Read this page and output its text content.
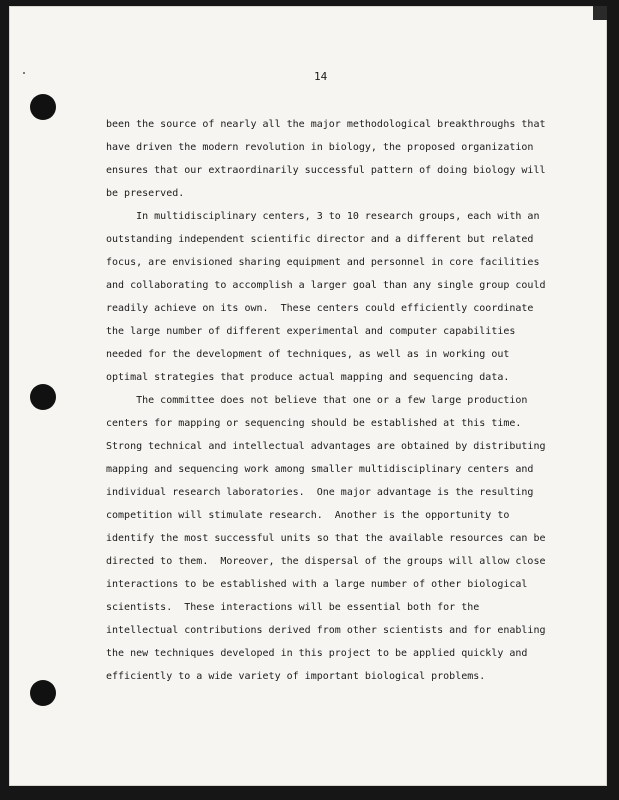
14
been the source of nearly all the major methodological breakthroughs that
have driven the modern revolution in biology, the proposed organization
ensures that our extraordinarily successful pattern of doing biology will
be preserved.
In multidisciplinary centers, 3 to 10 research groups, each with an
outstanding independent scientific director and a different but related
focus, are envisioned sharing equipment and personnel in core facilities
and collaborating to accomplish a larger goal than any single group could
readily achieve on its own.  These centers could efficiently coordinate
the large number of different experimental and computer capabilities
needed for the development of techniques, as well as in working out
optimal strategies that produce actual mapping and sequencing data.
The committee does not believe that one or a few large production
centers for mapping or sequencing should be established at this time.
Strong technical and intellectual advantages are obtained by distributing
mapping and sequencing work among smaller multidisciplinary centers and
individual research laboratories.  One major advantage is the resulting
competition will stimulate research.  Another is the opportunity to
identify the most successful units so that the available resources can be
directed to them.  Moreover, the dispersal of the groups will allow close
interactions to be established with a large number of other biological
scientists.  These interactions will be essential both for the
intellectual contributions derived from other scientists and for enabling
the new techniques developed in this project to be applied quickly and
efficiently to a wide variety of important biological problems.
